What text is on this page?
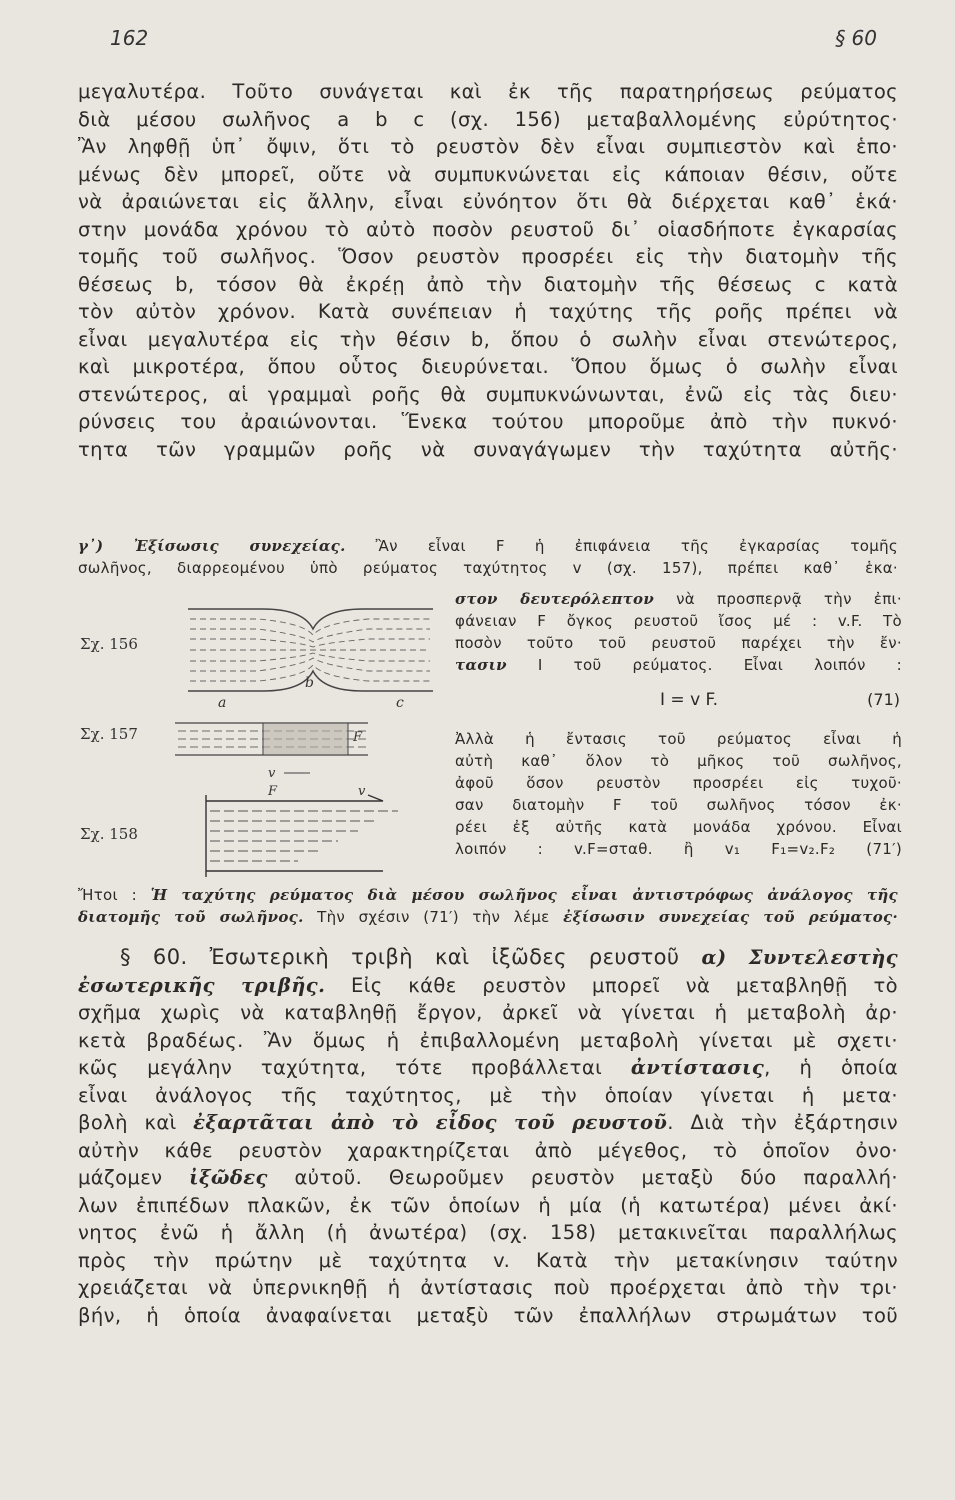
162	§ 60
μεγαλυτέρα. Τοῦτο συνάγεται καὶ ἐκ τῆς παρατηρήσεως ρεύματος
διὰ μέσου σωλῆνος a b c (σχ. 156) μεταβαλλομένης εὐρύτητος·
Ἂν ληφθῇ ὑπ᾽ ὄψιν, ὅτι τὸ ρευστὸν δὲν εἶναι συμπιεστὸν καὶ ἑπο·
μένως δὲν μπορεῖ, οὔτε νὰ συμπυκνώνεται εἰς κάποιαν θέσιν, οὔτε
νὰ ἀραιώνεται εἰς ἄλλην, εἶναι εὐνόητον ὅτι θὰ διέρχεται καθ᾽ ἑκά·
στην μονάδα χρόνου τὸ αὐτὸ ποσὸν ρευστοῦ δι᾽ οἱασδήποτε ἐγκαρσίας
τομῆς τοῦ σωλῆνος. Ὅσον ρευστὸν προσρέει εἰς τὴν διατομὴν τῆς
θέσεως b, τόσον θὰ ἐκρέῃ ἀπὸ τὴν διατομὴν τῆς θέσεως c κατὰ
τὸν αὐτὸν χρόνον. Κατὰ συνέπειαν ἡ ταχύτης τῆς ροῆς πρέπει νὰ
εἶναι μεγαλυτέρα εἰς τὴν θέσιν b, ὅπου ὁ σωλὴν εἶναι στενώτερος,
καὶ μικροτέρα, ὅπου οὗτος διευρύνεται. Ὅπου ὅμως ὁ σωλὴν εἶναι
στενώτερος, αἱ γραμμαὶ ροῆς θὰ συμπυκνώνωνται, ἐνῶ εἰς τὰς διευ·
ρύνσεις του ἀραιώνονται. Ἕνεκα τούτου μποροῦμε ἀπὸ τὴν πυκνό·
τητα τῶν γραμμῶν ροῆς νὰ συναγάγωμεν τὴν ταχύτητα αὐτῆς·
γ᾽) Ἐξίσωσις συνεχείας. Ἂν εἶναι F ἡ ἐπιφάνεια τῆς ἐγκαρσίας τομῆς
σωλῆνος, διαρρεομένου ὑπὸ ρεύματος ταχύτητος v (σχ. 157), πρέπει καθ᾽ ἑκα·
στον δευτερόλεπτον νὰ προσπερνᾷ τὴν ἐπι·
φάνειαν F ὄγκος ρευστοῦ ἴσος μέ : v.F. Τὸ
ποσὸν τοῦτο τοῦ ρευστοῦ παρέχει τὴν ἔν·
τασιν I τοῦ ρεύματος. Εἶναι λοιπόν :
I = v F.	(71)
Ἀλλὰ ἡ ἔντασις τοῦ ρεύματος εἶναι ἡ
αὐτὴ καθ᾽ ὅλον τὸ μῆκος τοῦ σωλῆνος,
ἀφοῦ ὅσον ρευστὸν προσρέει εἰς τυχοῦ·
σαν διατομὴν F τοῦ σωλῆνος τόσον ἐκ·
ρέει ἐξ αὐτῆς κατὰ μονάδα χρόνου. Εἶναι
λοιπόν : v.F=σταθ. ἢ v₁ F₁=v₂.F₂ (71′)
Σχ. 156
Σχ. 157
Σχ. 158
a
b
c
F
v
F	v
Ἤτοι : Ἡ ταχύτης ρεύματος διὰ μέσου σωλῆνος εἶναι ἀντιστρόφως ἀνάλογος τῆς
διατομῆς τοῦ σωλῆνος. Τὴν σχέσιν (71′) τὴν λέμε ἐξίσωσιν συνεχείας τοῦ ρεύματος·
§ 60. Ἐσωτερικὴ τριβὴ καὶ ἰξῶδες ρευστοῦ α) Συντελεστὴς
ἐσωτερικῆς τριβῆς. Εἰς κάθε ρευστὸν μπορεῖ νὰ μεταβληθῇ τὸ
σχῆμα χωρὶς νὰ καταβληθῇ ἔργον, ἀρκεῖ νὰ γίνεται ἡ μεταβολὴ ἀρ·
κετὰ βραδέως. Ἂν ὅμως ἡ ἐπιβαλλομένη μεταβολὴ γίνεται μὲ σχετι·
κῶς μεγάλην ταχύτητα, τότε προβάλλεται ἀντίστασις, ἡ ὁποία
εἶναι ἀνάλογος τῆς ταχύτητος, μὲ τὴν ὁποίαν γίνεται ἡ μετα·
βολὴ καὶ ἐξαρτᾶται ἀπὸ τὸ εἶδος τοῦ ρευστοῦ. Διὰ τὴν ἐξάρτησιν
αὐτὴν κάθε ρευστὸν χαρακτηρίζεται ἀπὸ μέγεθος, τὸ ὁποῖον ὀνο·
μάζομεν ἰξῶδες αὐτοῦ. Θεωροῦμεν ρευστὸν μεταξὺ δύο παραλλή·
λων ἐπιπέδων πλακῶν, ἐκ τῶν ὁποίων ἡ μία (ἡ κατωτέρα) μένει ἀκί·
νητος ἐνῶ ἡ ἄλλη (ἡ ἀνωτέρα) (σχ. 158) μετακινεῖται παραλλήλως
πρὸς τὴν πρώτην μὲ ταχύτητα v. Κατὰ τὴν μετακίνησιν ταύτην
χρειάζεται νὰ ὑπερνικηθῇ ἡ ἀντίστασις ποὺ προέρχεται ἀπὸ τὴν τρι·
βήν, ἡ ὁποία ἀναφαίνεται μεταξὺ τῶν ἐπαλλήλων στρωμάτων τοῦ
